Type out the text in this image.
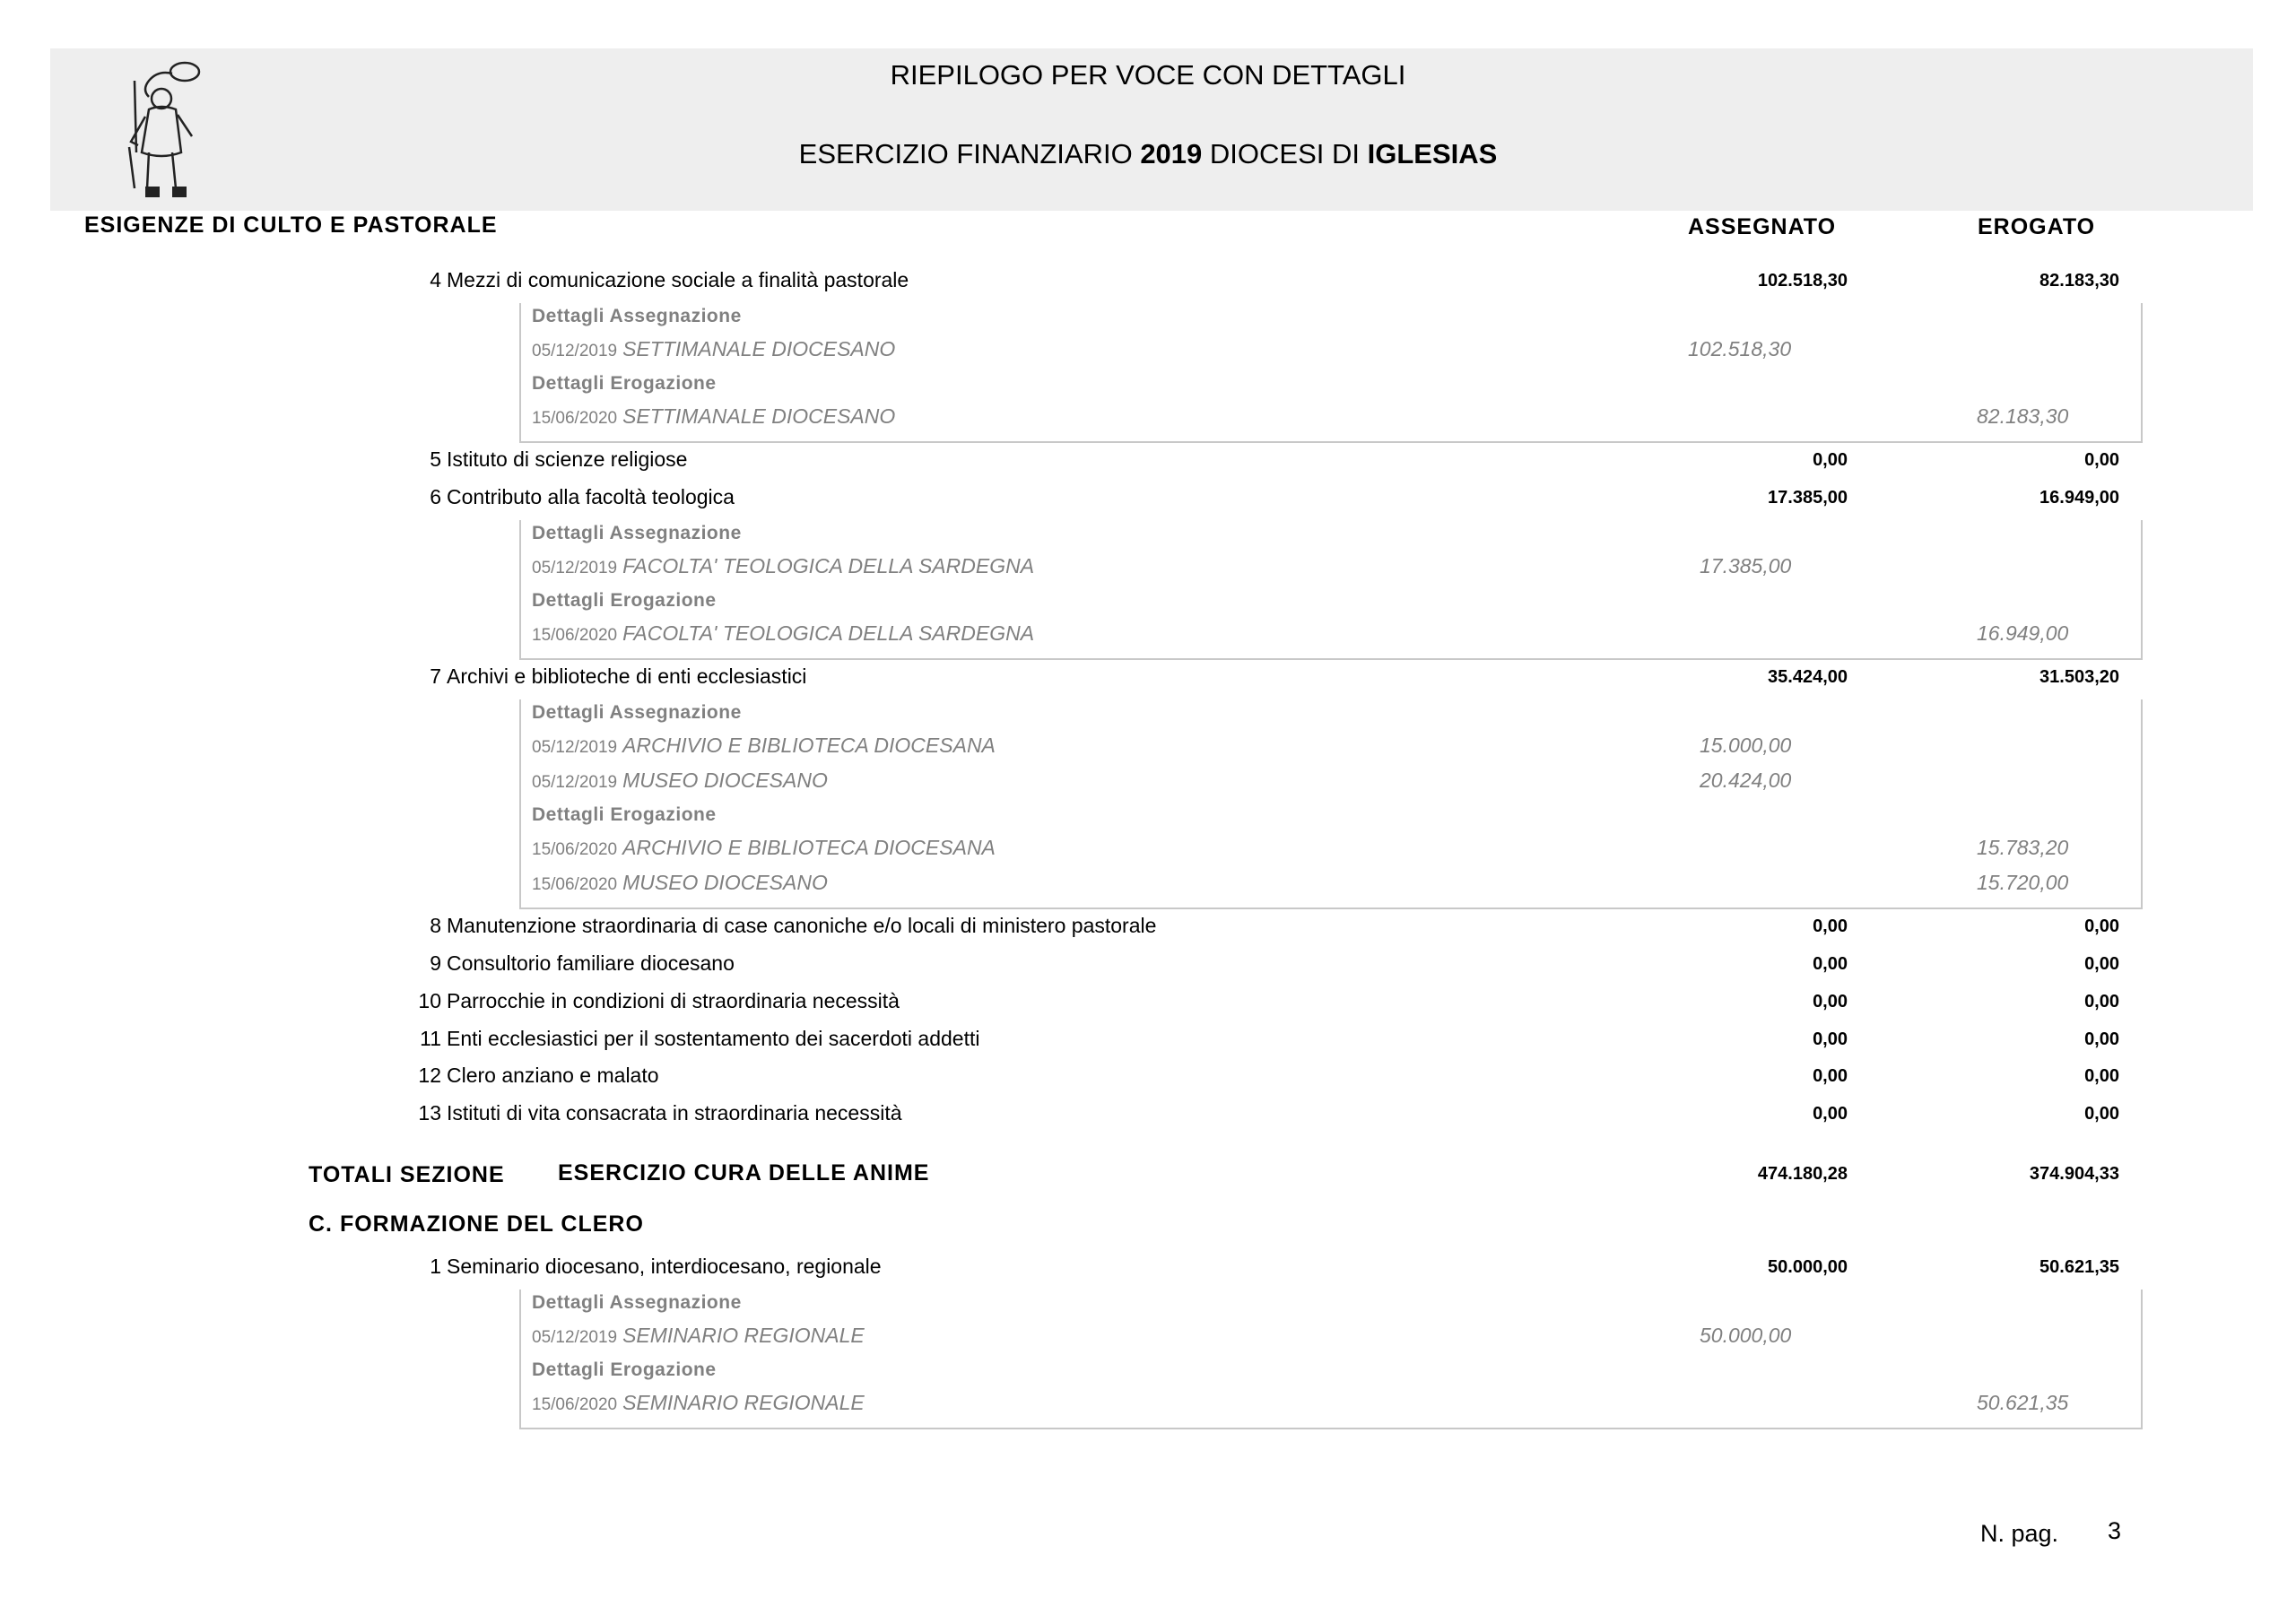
RIEPILOGO PER VOCE CON DETTAGLI
ESERCIZIO FINANZIARIO 2019 DIOCESI DI IGLESIAS
ESIGENZE DI CULTO E PASTORALE	ASSEGNATO	EROGATO
4 Mezzi di comunicazione sociale a finalità pastorale	102.518,30	82.183,30
Dettagli Assegnazione
05/12/2019 SETTIMANALE DIOCESANO	102.518,30
Dettagli Erogazione
15/06/2020 SETTIMANALE DIOCESANO	82.183,30
5 Istituto di scienze religiose	0,00	0,00
6 Contributo alla facoltà teologica	17.385,00	16.949,00
Dettagli Assegnazione
05/12/2019 FACOLTA' TEOLOGICA DELLA SARDEGNA	17.385,00
Dettagli Erogazione
15/06/2020 FACOLTA' TEOLOGICA DELLA SARDEGNA	16.949,00
7 Archivi e biblioteche di enti ecclesiastici	35.424,00	31.503,20
Dettagli Assegnazione
05/12/2019 ARCHIVIO E BIBLIOTECA DIOCESANA	15.000,00
05/12/2019 MUSEO DIOCESANO	20.424,00
Dettagli Erogazione
15/06/2020 ARCHIVIO E BIBLIOTECA DIOCESANA	15.783,20
15/06/2020 MUSEO DIOCESANO	15.720,00
8 Manutenzione straordinaria di case canoniche e/o locali di ministero pastorale	0,00	0,00
9 Consultorio familiare diocesano	0,00	0,00
10 Parrocchie in condizioni di straordinaria necessità	0,00	0,00
11 Enti ecclesiastici per il sostentamento dei sacerdoti addetti	0,00	0,00
12 Clero anziano e malato	0,00	0,00
13 Istituti di vita consacrata in straordinaria necessità	0,00	0,00
TOTALI SEZIONE ESERCIZIO CURA DELLE ANIME	474.180,28	374.904,33
C. FORMAZIONE DEL CLERO
1 Seminario diocesano, interdiocesano, regionale	50.000,00	50.621,35
Dettagli Assegnazione
05/12/2019 SEMINARIO REGIONALE	50.000,00
Dettagli Erogazione
15/06/2020 SEMINARIO REGIONALE	50.621,35
N. pag. 3
